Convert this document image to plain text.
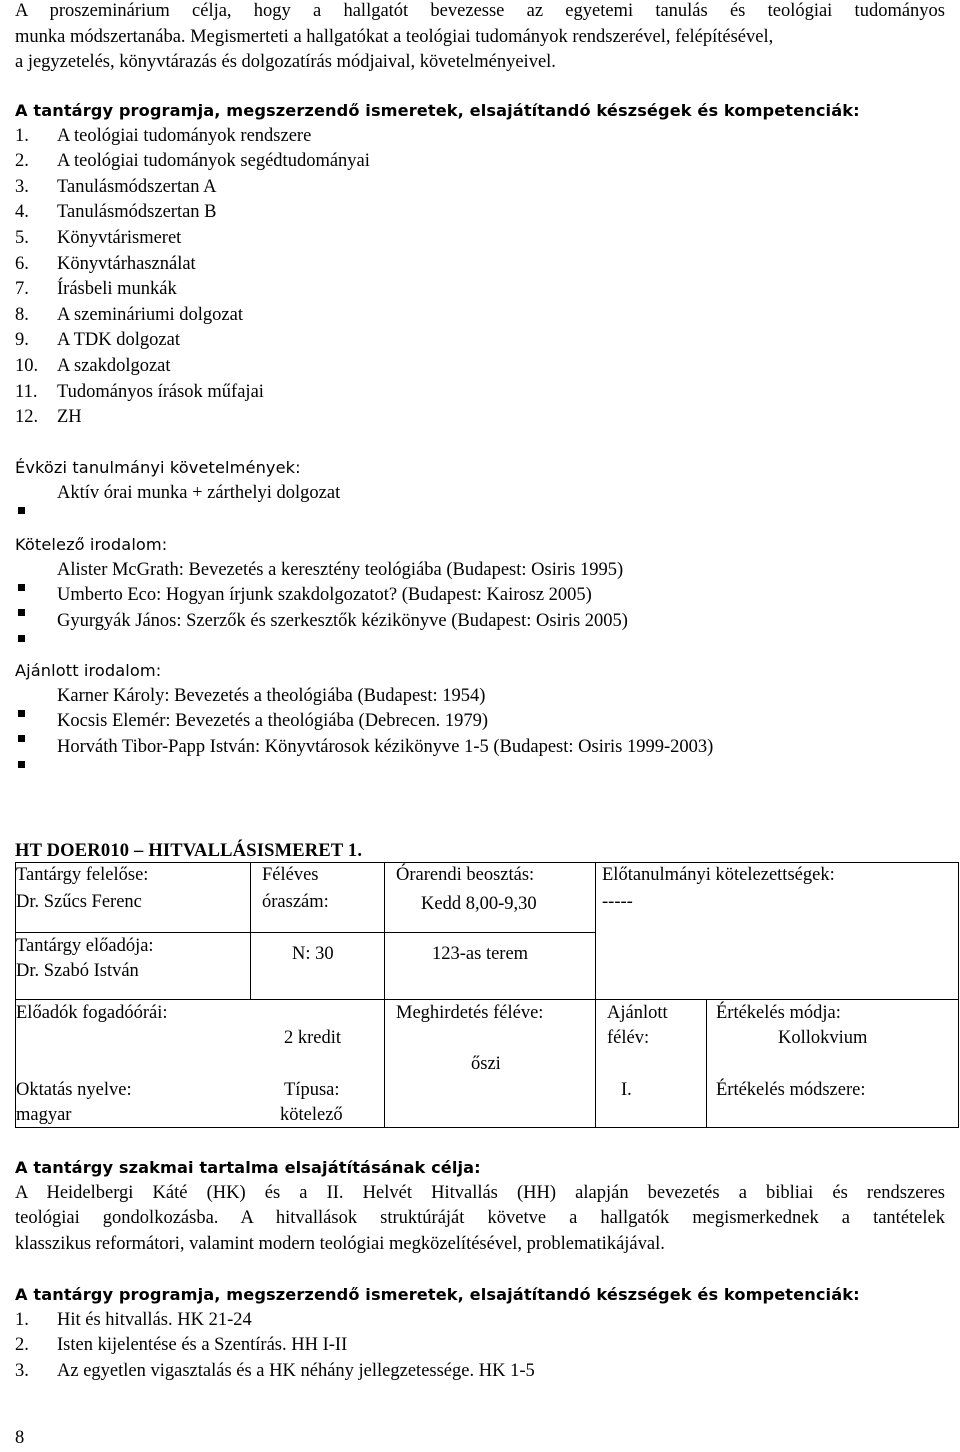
A proszeminárium célja, hogy a hallgatót bevezesse az egyetemi tanulás és teológiai tudományos
munka módszertanába. Megismerteti a hallgatókat a teológiai tudományok rendszerével, felépítésével,
a jegyzetelés, könyvtárazás és dolgozatírás módjaival, követelményeivel.
A tantárgy programja, megszerzendő ismeretek, elsajátítandó készségek és kompetenciák:
1. A teológiai tudományok rendszere
2. A teológiai tudományok segédtudományai
3. Tanulásmódszertan A
4. Tanulásmódszertan B
5. Könyvtárismeret
6. Könyvtárhasználat
7. Írásbeli munkák
8. A szemináriumi dolgozat
9. A TDK dolgozat
10. A szakdolgozat
11. Tudományos írások műfajai
12. ZH
Évközi tanulmányi követelmények:
Aktív órai munka + zárthelyi dolgozat
Kötelező irodalom:
Alister McGrath: Bevezetés a keresztény teológiába (Budapest: Osiris 1995)
Umberto Eco: Hogyan írjunk szakdolgozatot? (Budapest: Kairosz 2005)
Gyurgyák János: Szerzők és szerkesztők kézikönyve (Budapest: Osiris 2005)
Ajánlott irodalom:
Karner Károly: Bevezetés a theológiába (Budapest: 1954)
Kocsis Elemér: Bevezetés a theológiába (Debrecen. 1979)
Horváth Tibor-Papp István: Könyvtárosok kézikönyve 1-5 (Budapest: Osiris 1999-2003)
HT DOER010 – HITVALLÁSISMERET 1.
Tantárgy felelőse:
Dr. Szűcs Ferenc
Féléves
óraszám:
Órarendi beosztás:
Kedd 8,00-9,30
Előtanulmányi kötelezettségek:
-----
Tantárgy előadója:
Dr. Szabó István
N: 30	123-as terem
Előadók fogadóórái:
2 kredit
Meghirdetés féléve:
őszi
Ajánlott
félév:
I.
Értékelés módja:
Kollokvium
Értékelés módszere:
Oktatás nyelve:
magyar
Típusa:
kötelező
A tantárgy szakmai tartalma elsajátításának célja:
A Heidelbergi Káté (HK) és a II. Helvét Hitvallás (HH) alapján bevezetés a bibliai és rendszeres
teológiai gondolkozásba. A hitvallások struktúráját követve a hallgatók megismerkednek a tantételek
klasszikus reformátori, valamint modern teológiai megközelítésével, problematikájával.
A tantárgy programja, megszerzendő ismeretek, elsajátítandó készségek és kompetenciák:
1. Hit és hitvallás. HK 21-24
2. Isten kijelentése és a Szentírás. HH I-II
3. Az egyetlen vigasztalás és a HK néhány jellegzetessége. HK 1-5
8
